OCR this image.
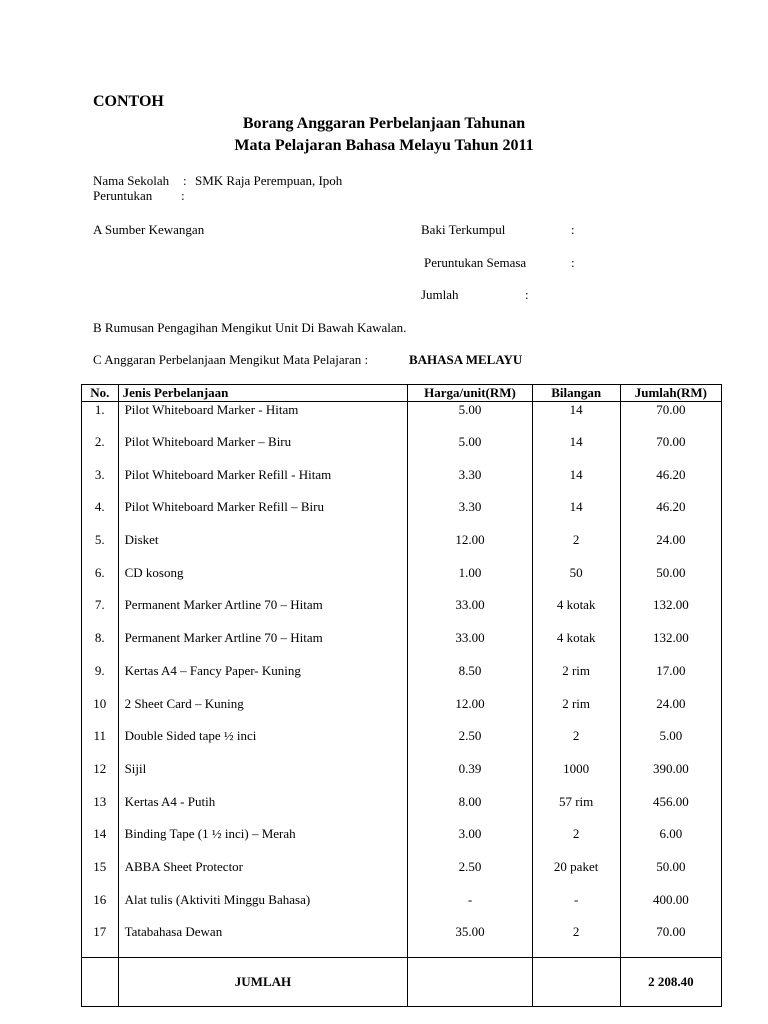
CONTOH
Borang Anggaran Perbelanjaan Tahunan
Mata Pelajaran Bahasa Melayu Tahun 2011
Nama Sekolah : SMK Raja Perempuan, Ipoh
Peruntukan :
A Sumber Kewangan	Baki Terkumpul	:
Peruntukan Semasa	:
Jumlah	:
B Rumusan Pengagihan Mengikut Unit Di Bawah Kawalan.
C Anggaran Perbelanjaan Mengikut Mata Pelajaran :	BAHASA MELAYU
No.	Jenis Perbelanjaan	Harga/unit(RM)	Bilangan	Jumlah(RM)
1.	Pilot Whiteboard Marker - Hitam	5.00	14	70.00
2.	Pilot Whiteboard Marker – Biru	5.00	14	70.00
3.	Pilot Whiteboard Marker Refill - Hitam	3.30	14	46.20
4.	Pilot Whiteboard Marker Refill – Biru	3.30	14	46.20
5.	Disket	12.00	2	24.00
6.	CD kosong	1.00	50	50.00
7.	Permanent Marker Artline 70 – Hitam	33.00	4 kotak	132.00
8.	Permanent Marker Artline 70 – Hitam	33.00	4 kotak	132.00
9.	Kertas A4 – Fancy Paper- Kuning	8.50	2 rim	17.00
10	2 Sheet Card – Kuning	12.00	2 rim	24.00
11	Double Sided tape ½ inci	2.50	2	5.00
12	Sijil	0.39	1000	390.00
13	Kertas A4 - Putih	8.00	57 rim	456.00
14	Binding Tape (1 ½ inci) – Merah	3.00	2	6.00
15	ABBA Sheet Protector	2.50	20 paket	50.00
16	Alat tulis (Aktiviti Minggu Bahasa)	-	-	400.00
17	Tatabahasa Dewan	35.00	2	70.00
	JUMLAH			2 208.40
